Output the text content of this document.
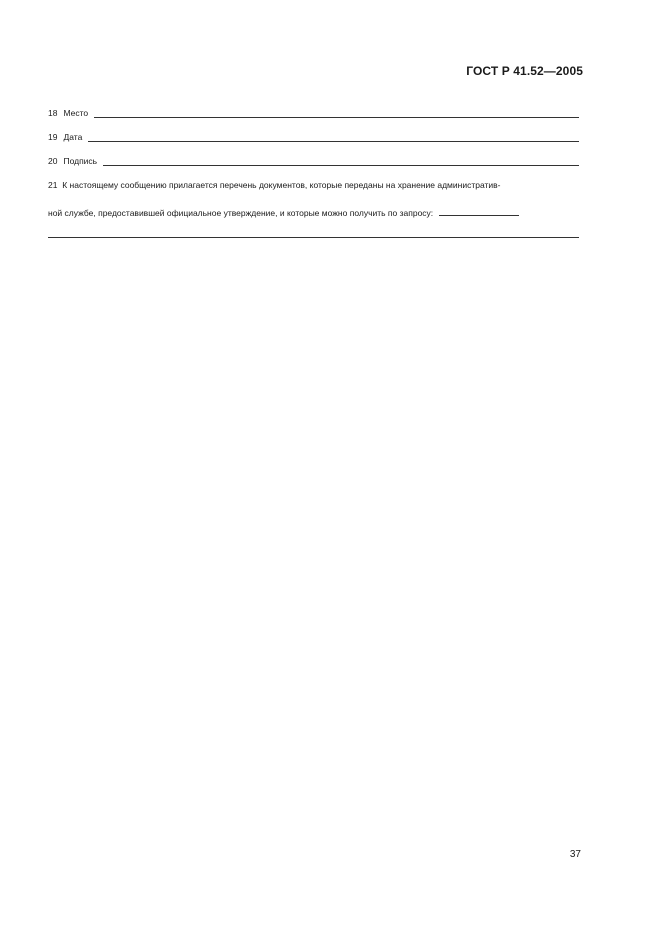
ГОСТ Р 41.52—2005
18 Место
19 Дата
20 Подпись
21 К настоящему сообщению прилагается перечень документов, которые переданы на хранение административ-
ной службе, предоставившей официальное утверждение, и которые можно получить по запросу:
37
